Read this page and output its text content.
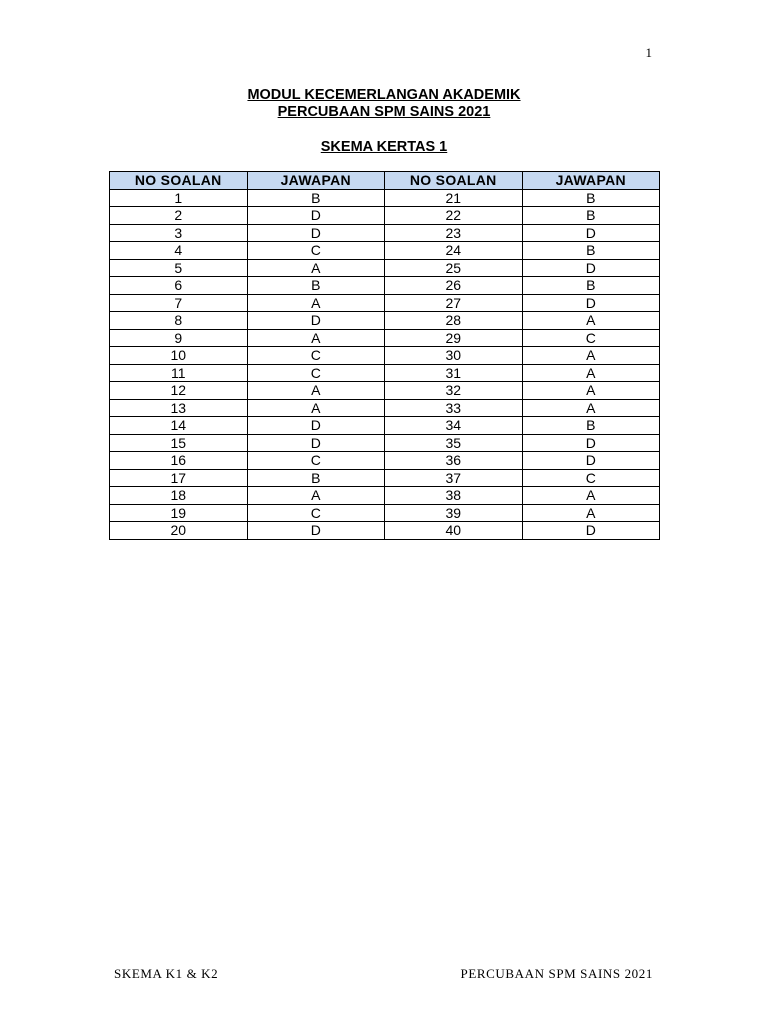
1
MODUL KECEMERLANGAN AKADEMIK
PERCUBAAN SPM SAINS 2021
SKEMA KERTAS 1
NO SOALAN	JAWAPAN	NO SOALAN	JAWAPAN
1	B	21	B
2	D	22	B
3	D	23	D
4	C	24	B
5	A	25	D
6	B	26	B
7	A	27	D
8	D	28	A
9	A	29	C
10	C	30	A
11	C	31	A
12	A	32	A
13	A	33	A
14	D	34	B
15	D	35	D
16	C	36	D
17	B	37	C
18	A	38	A
19	C	39	A
20	D	40	D
SKEMA K1 & K2	PERCUBAAN SPM SAINS 2021
